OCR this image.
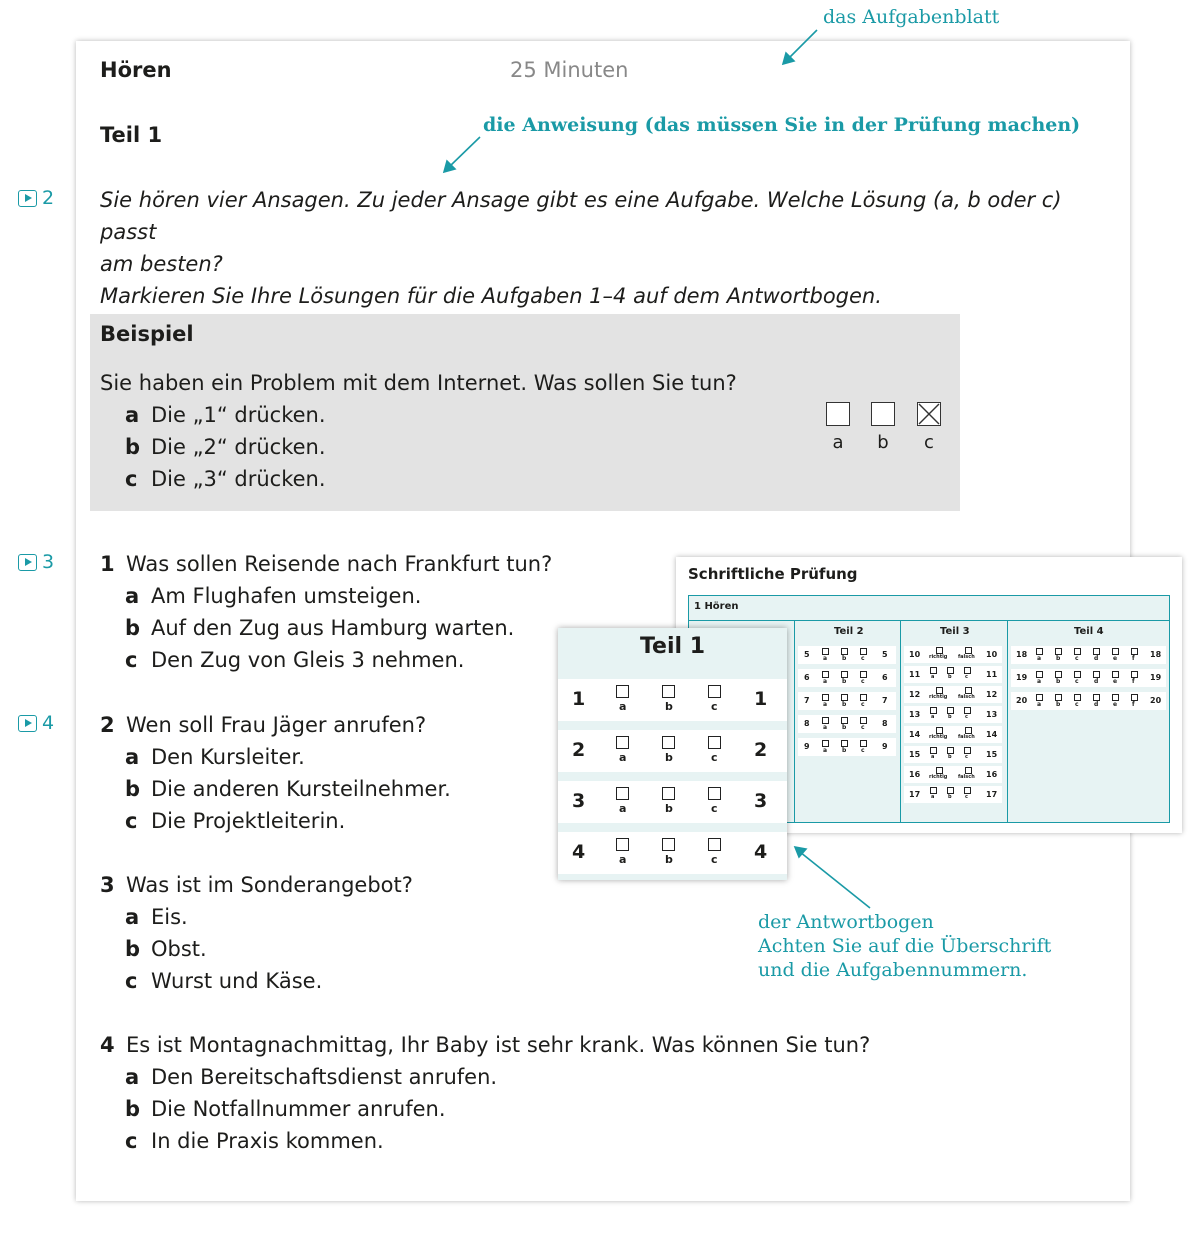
das Aufgabenblatt
die Anweisung (das müssen Sie in der Prüfung machen)
der Antwortbogen
Achten Sie auf die Überschrift
und die Aufgabennummern.
Hören	25 Minuten
Teil 1
2
3
4
Sie hören vier Ansagen. Zu jeder Ansage gibt es eine Aufgabe. Welche Lösung (a, b oder c) passt
am besten?
Markieren Sie Ihre Lösungen für die Aufgaben 1–4 auf dem Antwortbogen.
Beispiel
Sie haben ein Problem mit dem Internet. Was sollen Sie tun?
a Die „1“ drücken.
b Die „2“ drücken.
c Die „3“ drücken.
a	b	c
1 Was sollen Reisende nach Frankfurt tun?
a Am Flughafen umsteigen.
b Auf den Zug aus Hamburg warten.
c Den Zug von Gleis 3 nehmen.
2 Wen soll Frau Jäger anrufen?
a Den Kursleiter.
b Die anderen Kursteilnehmer.
c Die Projektleiterin.
3 Was ist im Sonderangebot?
a Eis.
b Obst.
c Wurst und Käse.
4 Es ist Montagnachmittag, Ihr Baby ist sehr krank. Was können Sie tun?
a Den Bereitschaftsdienst anrufen.
b Die Notfallnummer anrufen.
c In die Praxis kommen.
Schriftliche Prüfung
1 Hören
Teil 2	Teil 3	Teil 4
5	5
a b c
6	6
a b c
7	7
a b c
8	8
a b c
9	9
a b c
10	10
richtig falsch
11	11
a	b	c
12	12
richtig falsch
13	13
a	b	c
14	14
richtig falsch
15	15
a	b	c
16	16
richtig falsch
17	17
a	b	c
18	18
a b c	d e f
19	19
a b c	d e f
20	20
a b c	d e f
Teil 1
1	1
a	b	c
2	2
a	b	c
3	3
a	b	c
4	4
a	b	c
